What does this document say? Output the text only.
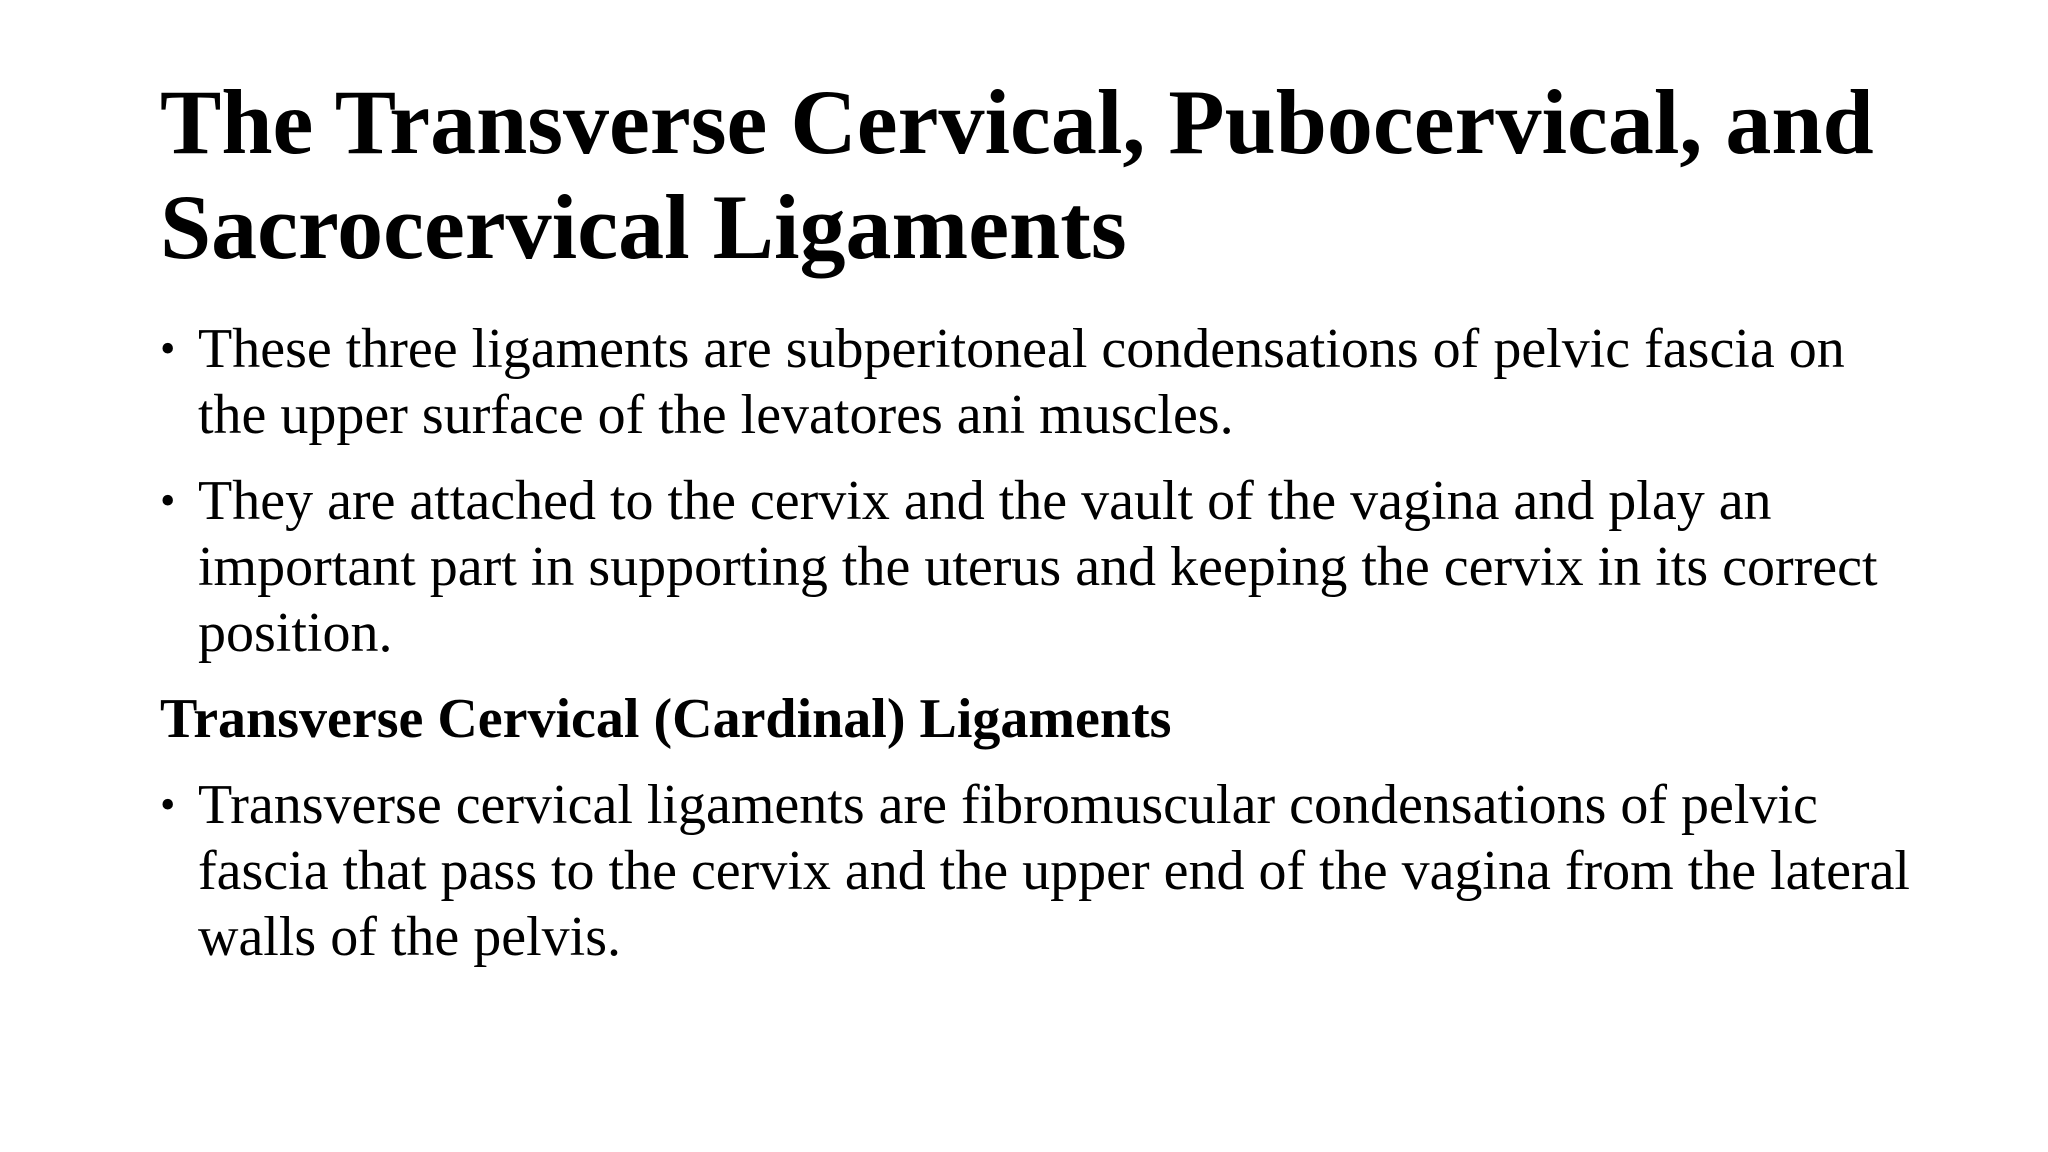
The Transverse Cervical, Pubocervical, and Sacrocervical Ligaments
• These three ligaments are subperitoneal condensations of pelvic fascia on the upper surface of the levatores ani muscles.
• They are attached to the cervix and the vault of the vagina and play an important part in supporting the uterus and keeping the cervix in its correct position.
Transverse Cervical (Cardinal) Ligaments
• Transverse cervical ligaments are fibromuscular condensations of pelvic fascia that pass to the cervix and the upper end of the vagina from the lateral walls of the pelvis.
